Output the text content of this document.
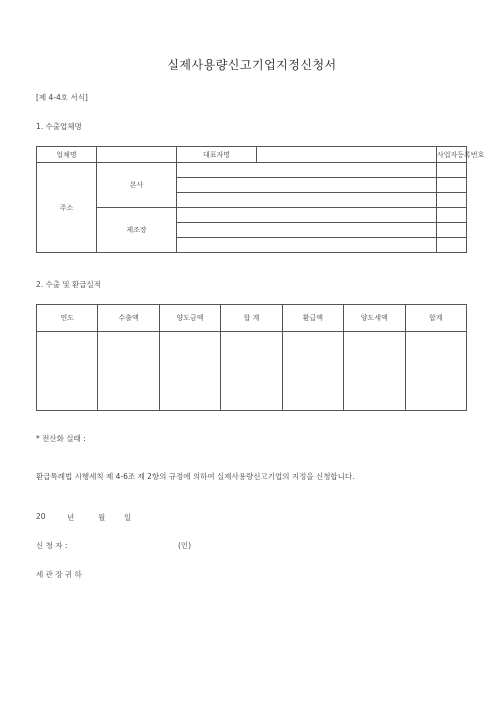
실제사용량신고기업지정신청서
[제 4-4호 서식]
1. 수출업체명
업체명		대표자명		사업자등록번호
주소	본사			

	제조장			

2. 수출 및 환급실적
연도	수출액	양도금액	합 계	환급액	양도세액	합계

* 전산화 실태 :
환급특례법 시행세칙 제 4-6조 제 2항의 규정에 의하여 실제사용량신고기업의 지정을 신청합니다.
20	년	월	일
신 청 자 :	(인)
세 관 장 귀 하
